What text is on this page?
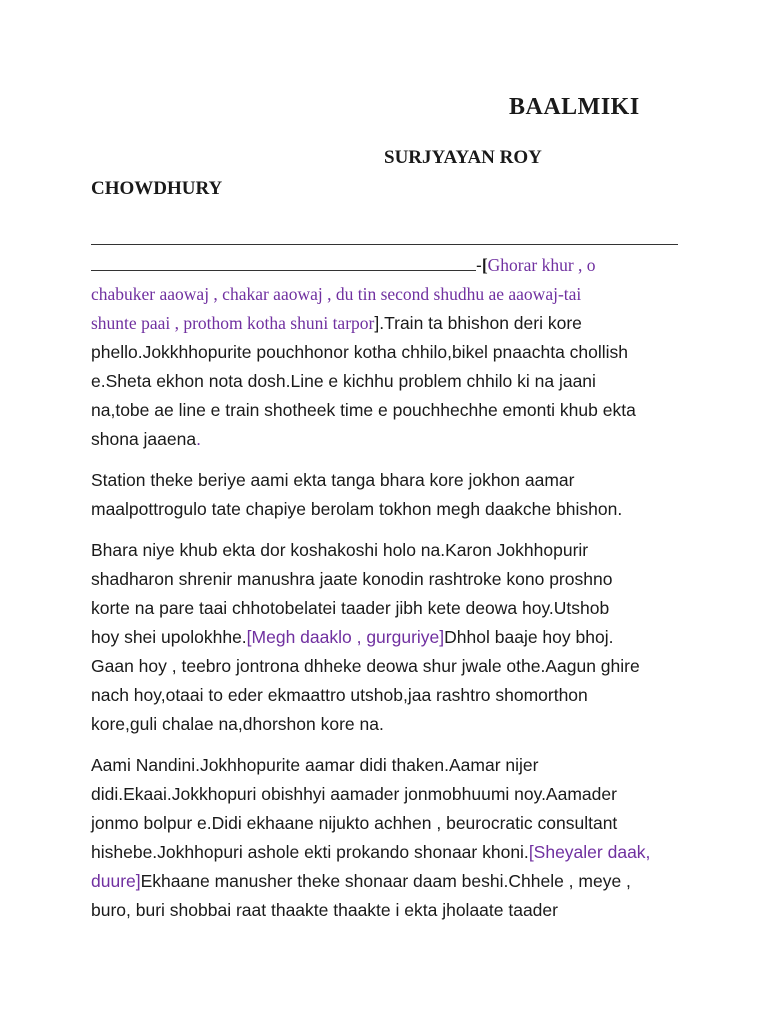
BAALMIKI
SURJYAYAN ROY
CHOWDHURY

-[Ghorar khur , o
chabuker aaowaj , chakar aaowaj , du tin second shudhu ae aaowaj-tai
shunte paai , prothom kotha shuni tarpor].Train ta bhishon deri kore
phello.Jokkhhopurite pouchhonor kotha chhilo,bikel pnaachta chollish
e.Sheta ekhon nota dosh.Line e kichhu problem chhilo ki na jaani
na,tobe ae line e train shotheek time e pouchhechhe emonti khub ekta
shona jaaena.

Station theke beriye aami ekta tanga bhara kore jokhon aamar
maalpottrogulo tate chapiye berolam tokhon megh daakche bhishon.

Bhara niye khub ekta dor koshakoshi holo na.Karon Jokhhopurir
shadharon shrenir manushra jaate konodin rashtroke kono proshno
korte na pare taai chhotobelatei taader jibh kete deowa hoy.Utshob
hoy shei upolokhhe.[Megh daaklo , gurguriye]Dhhol baaje hoy bhoj.
Gaan hoy , teebro jontrona dhheke deowa shur jwale othe.Aagun ghire
nach hoy,otaai to eder ekmaattro utshob,jaa rashtro shomorthon
kore,guli chalae na,dhorshon kore na.

Aami Nandini.Jokhhopurite aamar didi thaken.Aamar nijer
didi.Ekaai.Jokkhopuri obishhyi aamader jonmobhuumi noy.Aamader
jonmo bolpur e.Didi ekhaane nijukto achhen , beurocratic consultant
hishebe.Jokhhopuri ashole ekti prokando shonaar khoni.[Sheyaler daak,
duure]Ekhaane manusher theke shonaar daam beshi.Chhele , meye ,
buro, buri shobbai raat thaakte thaakte i ekta jholaate taader
